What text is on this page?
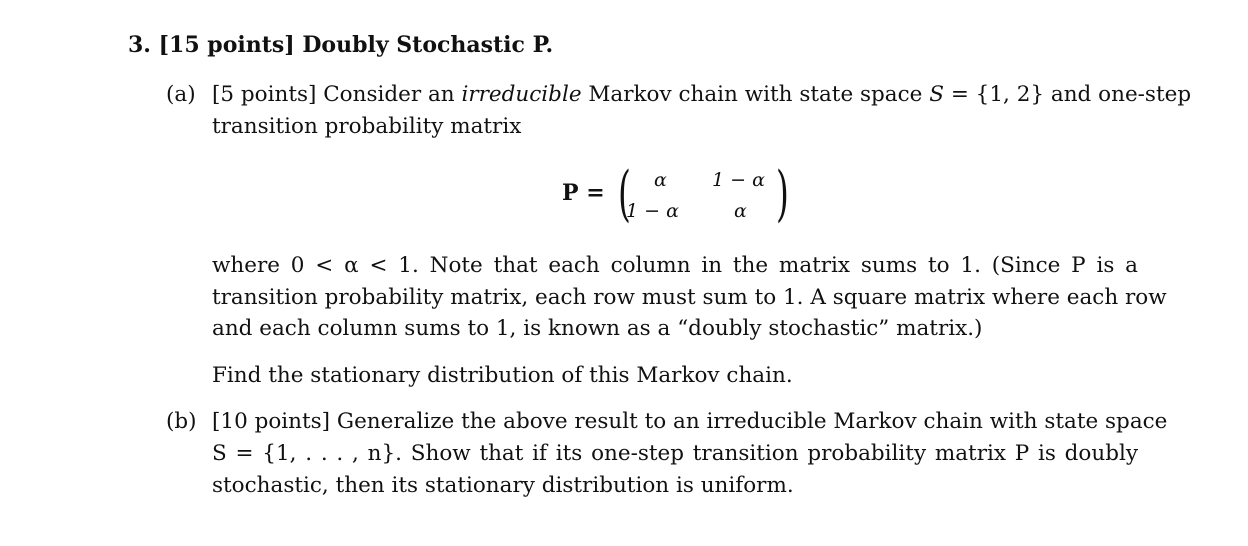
3. [15 points] Doubly Stochastic P.
(a) [5 points] Consider an irreducible Markov chain with state space S = {1, 2} and one-step
transition probability matrix
P = ( )
α 1 − α
1 − α	α
where 0 < α < 1. Note that each column in the matrix sums to 1. (Since P is a
transition probability matrix, each row must sum to 1. A square matrix where each row
and each column sums to 1, is known as a “doubly stochastic” matrix.)
Find the stationary distribution of this Markov chain.
(b) [10 points] Generalize the above result to an irreducible Markov chain with state space
S = {1, . . . , n}. Show that if its one-step transition probability matrix P is doubly
stochastic, then its stationary distribution is uniform.
